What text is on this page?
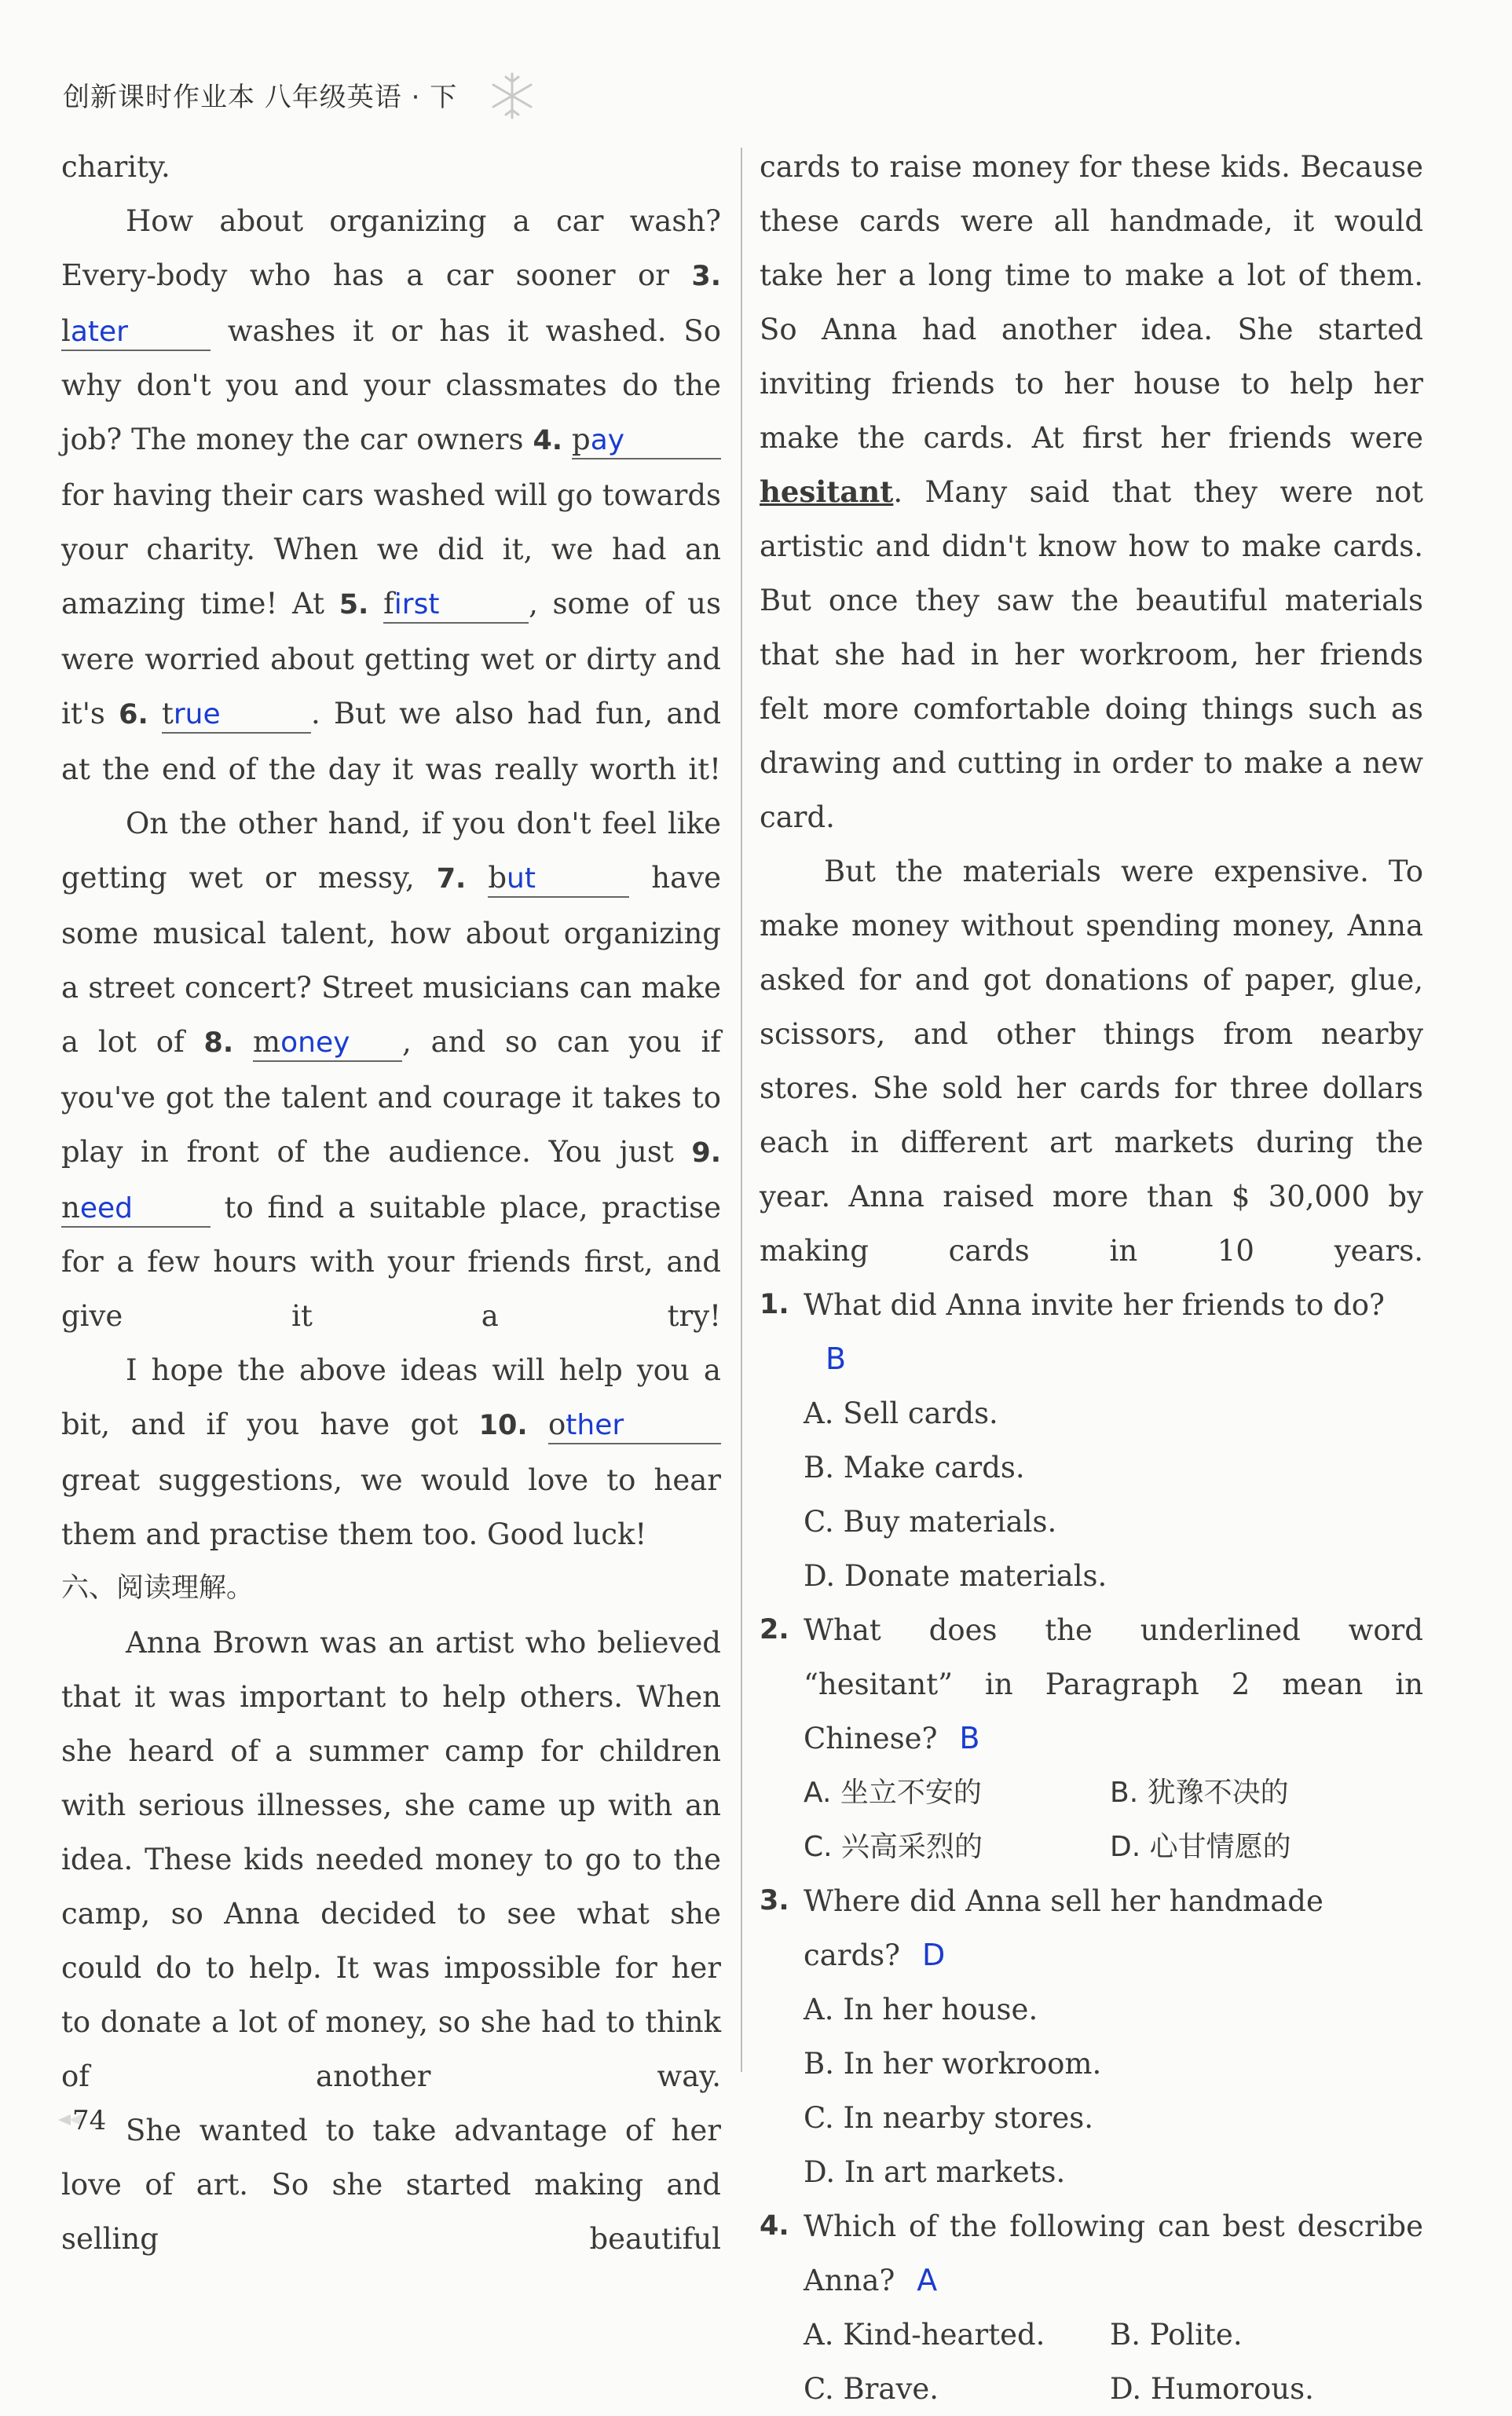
创新课时作业本 八年级英语 · 下

charity.

How about organizing a car wash? Every-body who has a car sooner or 3. later	washes it or has it washed. So why don't you and your classmates do the job? The money the car owners 4. pay for having their cars washed will go towards your charity. When we did it, we had an amazing time! At 5. first	, some of us were worried about getting wet or dirty and it's 6. true	. But we also had fun, and at the end of the day it was really worth it!

On the other hand, if you don't feel like getting wet or messy, 7. but	have some musical talent, how about organizing a street concert? Street musicians can make a lot of 8. money , and so can you if you've got the talent and courage it takes to play in front of the audience. You just 9. need	to find a suitable place, practise for a few hours with your friends first, and give it a try!

I hope the above ideas will help you a bit, and if you have got 10. other great suggestions, we would love to hear them and practise them too. Good luck!

六、阅读理解。

Anna Brown was an artist who believed that it was important to help others. When she heard of a summer camp for children with serious illnesses, she came up with an idea. These kids needed money to go to the camp, so Anna decided to see what she could do to help. It was impossible for her to donate a lot of money, so she had to think of another way.

She wanted to take advantage of her love of art. So she started making and selling beautiful

cards to raise money for these kids. Because these cards were all handmade, it would take her a long time to make a lot of them. So Anna had another idea. She started inviting friends to her house to help her make the cards. At first her friends were hesitant. Many said that they were not artistic and didn't know how to make cards. But once they saw the beautiful materials that she had in her workroom, her friends felt more comfortable doing things such as drawing and cutting in order to make a new card.

But the materials were expensive. To make money without spending money, Anna asked for and got donations of paper, glue, scissors, and other things from nearby stores. She sold her cards for three dollars each in different art markets during the year. Anna raised more than $ 30,000 by making cards in 10 years.

1. What did Anna invite her friends to do?B

A. Sell cards.

B. Make cards.

C. Buy materials.

D. Donate materials.

2. What does the underlined word “hesitant” in Paragraph 2 mean in Chinese? B
A. 坐立不安的	B. 犹豫不决的
C. 兴高采烈的	D. 心甘情愿的
3. Where did Anna sell her handmade cards? D

A. In her house.

B. In her workroom.

C. In nearby stores.

D. In art markets.

4. Which of the following can best describe Anna? A
A. Kind-hearted.	B. Polite.
C. Brave.	D. Humorous.
74
